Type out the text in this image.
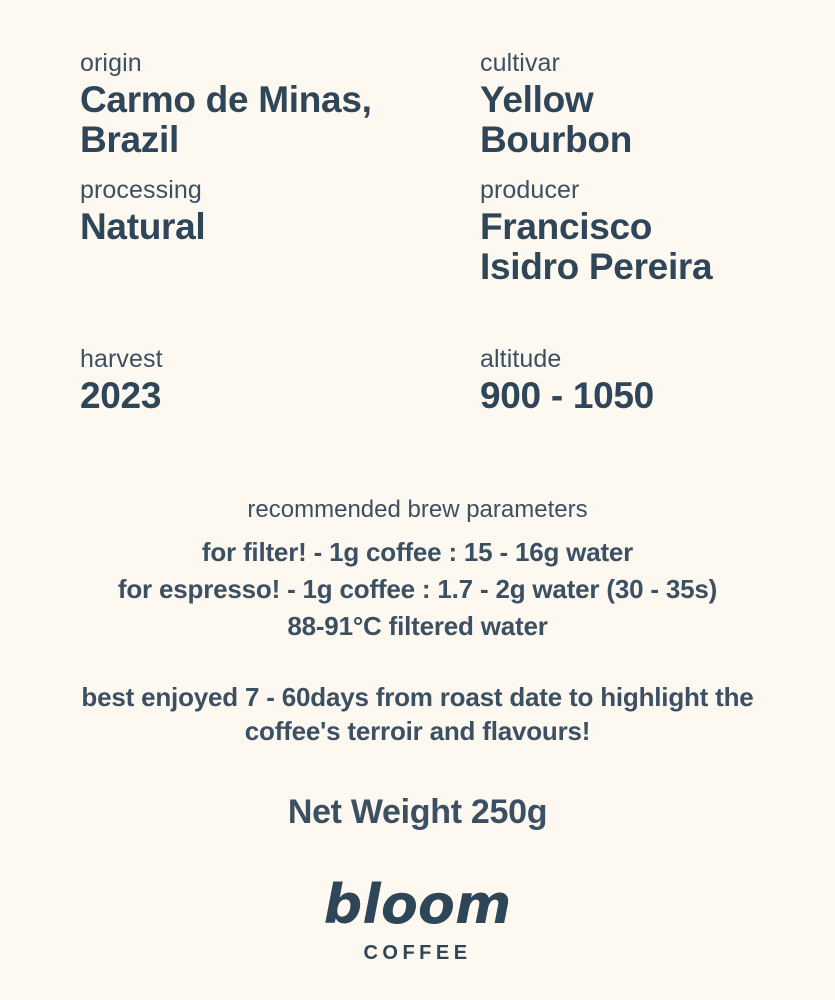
origin
Carmo de Minas, Brazil
cultivar
Yellow Bourbon
processing
Natural
producer
Francisco Isidro Pereira
harvest
2023
altitude
900 - 1050
recommended brew parameters
for filter! - 1g coffee : 15 - 16g water
for espresso! - 1g coffee : 1.7 - 2g water (30 - 35s)
88-91°C filtered water
best enjoyed 7 - 60days from roast date to highlight the coffee's terroir and flavours!
Net Weight 250g
bloom
COFFEE
